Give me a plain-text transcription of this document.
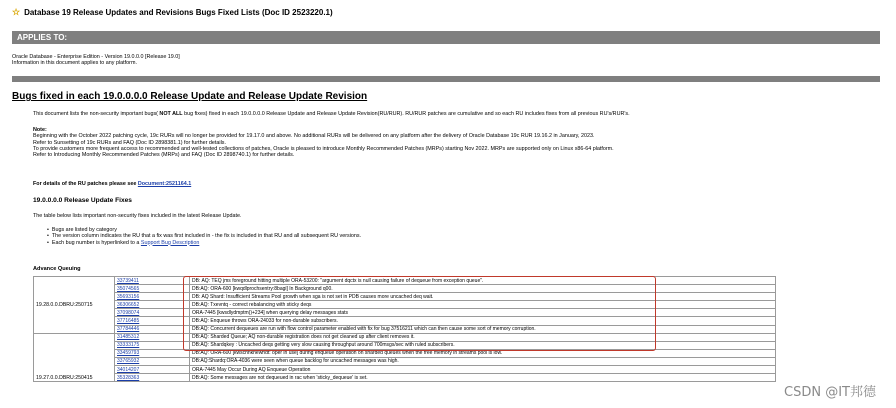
☆ Database 19 Release Updates and Revisions Bugs Fixed Lists (Doc ID 2523220.1)
APPLIES TO:
Oracle Database - Enterprise Edition - Version 19.0.0.0 [Release 19.0]
Information in this document applies to any platform.
Bugs fixed in each 19.0.0.0.0 Release Update and Release Update Revision
This document lists the non-security important bugs( NOT ALL bug fixes) fixed in each 19.0.0.0.0 Release Update and Release Update Revision(RU/RUR). RU/RUR patches are cumulative and so each RU includes fixes from all previous RU's/RUR's.
Note:
Beginning with the October 2022 patching cycle, 19c RURs will no longer be provided for 19.17.0 and above. No additional RURs will be delivered on any platform after the delivery of Oracle Database 19c RUR 19.16.2 in January, 2023.
Refer to Sunsetting of 19c RURs and FAQ (Doc ID 2898381.1) for further details.
To provide customers more frequent access to recommended and well-tested collections of patches, Oracle is pleased to introduce Monthly Recommended Patches (MRPs) starting Nov 2022. MRPs are supported only on Linux x86-64 platform.
Refer to Introducing Monthly Recommended Patches (MRPs) and FAQ (Doc ID 2898740.1) for further details.
For details of the RU patches please see Document:2521164.1
19.0.0.0.0 Release Update Fixes
The table below lists important non-security fixes included in the latest Release Update.
• Bugs are listed by category
• The version column indicates the RU that a fix was first included in - the fix is included in that RU and all subsequent RU versions.
• Each bug number is hyperlinked to a Support Bug Description
Advance Queuing
19.28.0.0.DBRU:250715	33739411	DB: AQ: TEQ jms foreground hitting multiple ORA-53200: "argument dqctx is null causing failure of dequeue from exception queue".
	35074565	DB:AQ: ORA-600 [kwqdlprochsentry:8bagi] In Background q00.
	35693156	DB: AQ Shard: Insufficient Streams Pool growth when sga is not set in PDB causes more uncached deq wait.
	36306652	DB:AQ: Txevntq - correct rebalancing with sticky deqs
	37098074	ORA-7445 [kwsdlydmptm()+234] when querying delay messages stats
	37716485	DB:AQ: Enqueue throws ORA-24033 for non-durable subscribers.
	37784446	DB:AQ: Concurrent dequeues are run with flow control parameter enabled with fix for bug 37516211 which can then cause some sort of memory corruption.
19.27.0.0.DBRU:250415	31485312	DB:AQ: Sharded Queue; AQ non-durable registration does not get cleaned up after client removes it.
	33333175	DB:AQ: Shardqkey : Uncached deqs getting very slow causing throughput around 700msgs/sec with ruled subscribers.
	33459793	DB:AQ: ORA-600 [kwschnknewhdt: oper in use] during enqueue operation on sharded queues when the free memory in streams pool is low.
	33765932	DB:AQ:Shardq:ORA-4036 were seen when queue backlog for uncached messages was high.
	34014207	ORA-7445 May Occur During AQ Enqueue Operation
	35328363	DB:AQ: Some messages are not dequeued in rac when 'sticky_dequeue' is set.
CSDN @IT邦德
